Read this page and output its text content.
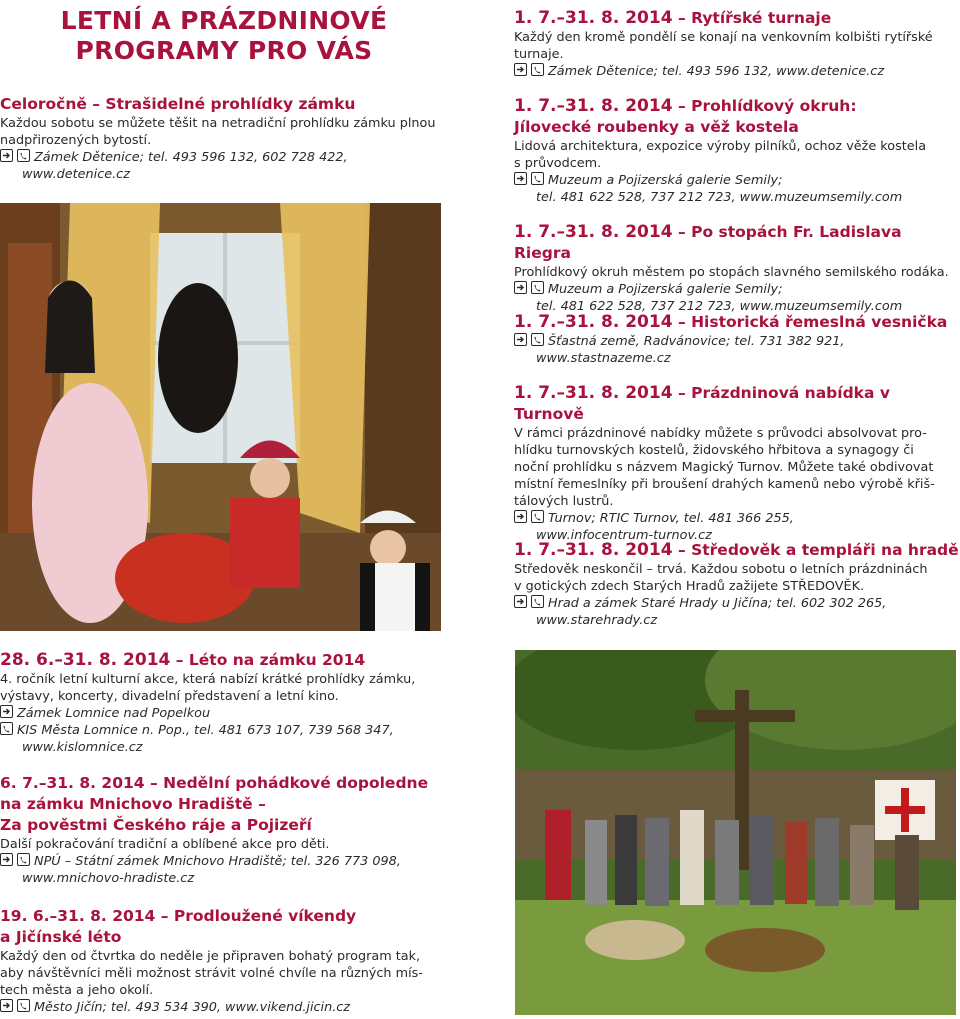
LETNÍ A PRÁZDNINOVÉ

PROGRAMY PRO VÁS

Celoročně – Strašidelné prohlídky zámku

Každou sobotu se můžete těšit na netradiční prohlídku zámku plnou

nadpřirozených bytostí.

Zámek Dětenice; tel. 493 596 132, 602 728 422,

www.detenice.cz

28. 6.–31. 8. 2014 – Léto na zámku 2014

4. ročník letní kulturní akce, která nabízí krátké prohlídky zámku,

výstavy, koncerty, divadelní představení a letní kino.

Zámek Lomnice nad Popelkou

KIS Města Lomnice n. Pop., tel. 481 673 107, 739 568 347,

www.kislomnice.cz

6. 7.–31. 8. 2014 – Nedělní pohádkové dopoledne

na zámku Mnichovo Hradiště –

Za pověstmi Českého ráje a Pojizeří

Další pokračování tradiční a oblíbené akce pro děti.

NPÚ – Státní zámek Mnichovo Hradiště; tel. 326 773 098,

www.mnichovo-hradiste.cz

19. 6.–31. 8. 2014 – Prodloužené víkendy

a Jičínské léto

Každý den od čtvrtka do neděle je připraven bohatý program tak,

aby návštěvníci měli možnost strávit volné chvíle na různých mís-

tech města a jeho okolí.

Město Jičín; tel. 493 534 390, www.vikend.jicin.cz

1. 7.–31. 8. 2014 – Rytířské turnaje

Každý den kromě pondělí se konají na venkovním kolbišti rytířské

turnaje.

Zámek Dětenice; tel. 493 596 132, www.detenice.cz

1. 7.–31. 8. 2014 – Prohlídkový okruh:

Jílovecké roubenky a věž kostela

Lidová architektura, expozice výroby pilníků, ochoz věže kostela

s průvodcem.

Muzeum a Pojizerská galerie Semily;

tel. 481 622 528, 737 212 723, www.muzeumsemily.com

1. 7.–31. 8. 2014 – Po stopách Fr. Ladislava Riegra

Prohlídkový okruh městem po stopách slavného semilského rodáka.

Muzeum a Pojizerská galerie Semily;

tel. 481 622 528, 737 212 723, www.muzeumsemily.com

1. 7.–31. 8. 2014 – Historická řemeslná vesnička

Šťastná země, Radvánovice; tel. 731 382 921,

www.stastnazeme.cz

1. 7.–31. 8. 2014 – Prázdninová nabídka v Turnově

V rámci prázdninové nabídky můžete s průvodci absolvovat pro-

hlídku turnovských kostelů, židovského hřbitova a synagogy či

noční prohlídku s názvem Magický Turnov. Můžete také obdivovat

místní řemeslníky při broušení drahých kamenů nebo výrobě křiš-

tálových lustrů.

Turnov; RTIC Turnov, tel. 481 366 255,

www.infocentrum-turnov.cz

1. 7.–31. 8. 2014 – Středověk a templáři na hradě

Středověk neskončil – trvá. Každou sobotu o letních prázdninách

v gotických zdech Starých Hradů zažijete STŘEDOVĚK.

Hrad a zámek Staré Hrady u Jičína; tel. 602 302 265,

www.starehrady.cz
